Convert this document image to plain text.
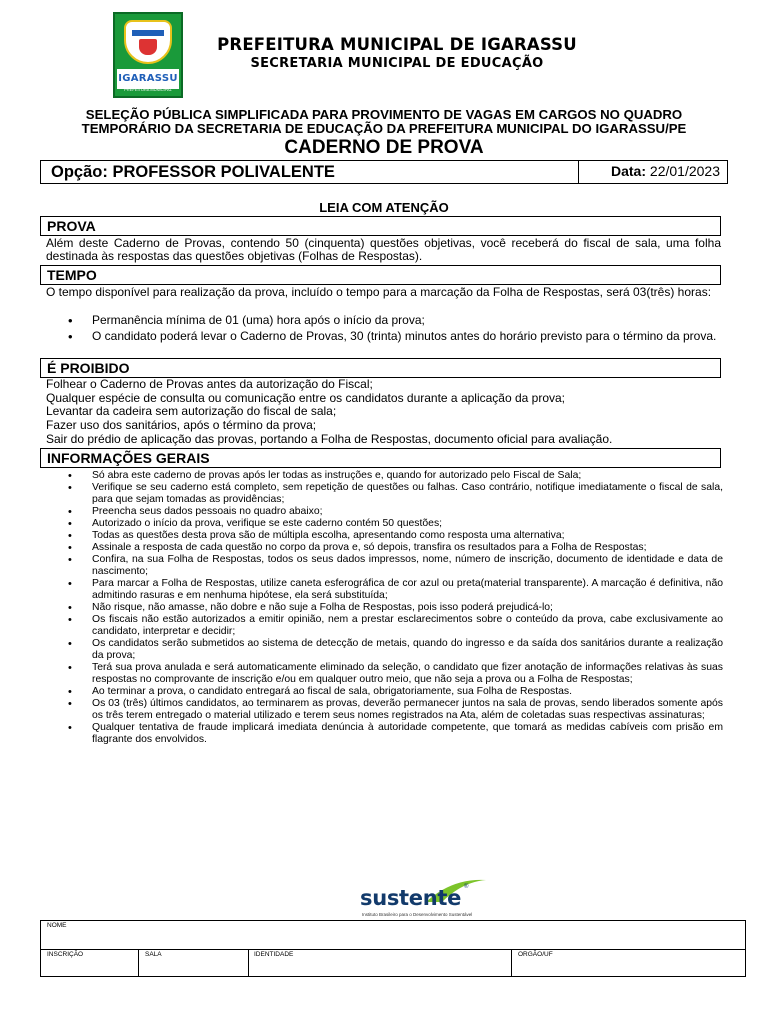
IGARASSU
PREFEITURA MUNICIPAL
PREFEITURA MUNICIPAL DE IGARASSU
SECRETARIA MUNICIPAL DE EDUCAÇÃO
SELEÇÃO PÚBLICA SIMPLIFICADA PARA PROVIMENTO DE VAGAS EM CARGOS NO QUADRO
TEMPORÁRIO DA SECRETARIA DE EDUCAÇÃO DA PREFEITURA MUNICIPAL DO IGARASSU/PE
CADERNO DE PROVA
Opção: PROFESSOR POLIVALENTE	Data: 22/01/2023
LEIA COM ATENÇÃO
PROVA
Além deste Caderno de Provas, contendo 50 (cinquenta) questões objetivas, você receberá do fiscal de sala, uma folha destinada às respostas das questões objetivas (Folhas de Respostas).
TEMPO
O tempo disponível para realização da prova, incluído o tempo para a marcação da Folha de Respostas, será 03(três) horas:
• Permanência mínima de 01 (uma) hora após o início da prova;
• O candidato poderá levar o Caderno de Provas, 30 (trinta) minutos antes do horário previsto para o término da prova.
É PROIBIDO
Folhear o Caderno de Provas antes da autorização do Fiscal;
Qualquer espécie de consulta ou comunicação entre os candidatos durante a aplicação da prova;
Levantar da cadeira sem autorização do fiscal de sala;
Fazer uso dos sanitários, após o término da prova;
Sair do prédio de aplicação das provas, portando a Folha de Respostas, documento oficial para avaliação.
INFORMAÇÕES GERAIS
• Só abra este caderno de provas após ler todas as instruções e, quando for autorizado pelo Fiscal de Sala;
• Verifique se seu caderno está completo, sem repetição de questões ou falhas. Caso contrário, notifique imediatamente o fiscal de sala, para que sejam tomadas as providências;
• Preencha seus dados pessoais no quadro abaixo;
• Autorizado o início da prova, verifique se este caderno contém 50 questões;
• Todas as questões desta prova são de múltipla escolha, apresentando como resposta uma alternativa;
• Assinale a resposta de cada questão no corpo da prova e, só depois, transfira os resultados para a Folha de Respostas;
• Confira, na sua Folha de Respostas, todos os seus dados impressos, nome, número de inscrição, documento de identidade e data de nascimento;
• Para marcar a Folha de Respostas, utilize caneta esferográfica de cor azul ou preta(material transparente). A marcação é definitiva, não admitindo rasuras e em nenhuma hipótese, ela será substituída;
• Não risque, não amasse, não dobre e não suje a Folha de Respostas, pois isso poderá prejudicá-lo;
• Os fiscais não estão autorizados a emitir opinião, nem a prestar esclarecimentos sobre o conteúdo da prova, cabe exclusivamente ao candidato, interpretar e decidir;
• Os candidatos serão submetidos ao sistema de detecção de metais, quando do ingresso e da saída dos sanitários durante a realização da prova;
• Terá sua prova anulada e será automaticamente eliminado da seleção, o candidato que fizer anotação de informações relativas às suas respostas no comprovante de inscrição e/ou em qualquer outro meio, que não seja a prova ou a Folha de Respostas;
• Ao terminar a prova, o candidato entregará ao fiscal de sala, obrigatoriamente, sua Folha de Respostas.
• Os 03 (três) últimos candidatos, ao terminarem as provas, deverão permanecer juntos na sala de provas, sendo liberados somente após os três terem entregado o material utilizado e terem seus nomes registrados na Ata, além de coletadas suas respectivas assinaturas;
• Qualquer tentativa de fraude implicará imediata denúncia à autoridade competente, que tomará as medidas cabíveis com prisão em flagrante dos envolvidos.
sustente ®
Instituto Brasileiro para o Desenvolvimento Sustentável
NOME
INSCRIÇÃO	SALA	IDENTIDADE	ORGÃO/UF
